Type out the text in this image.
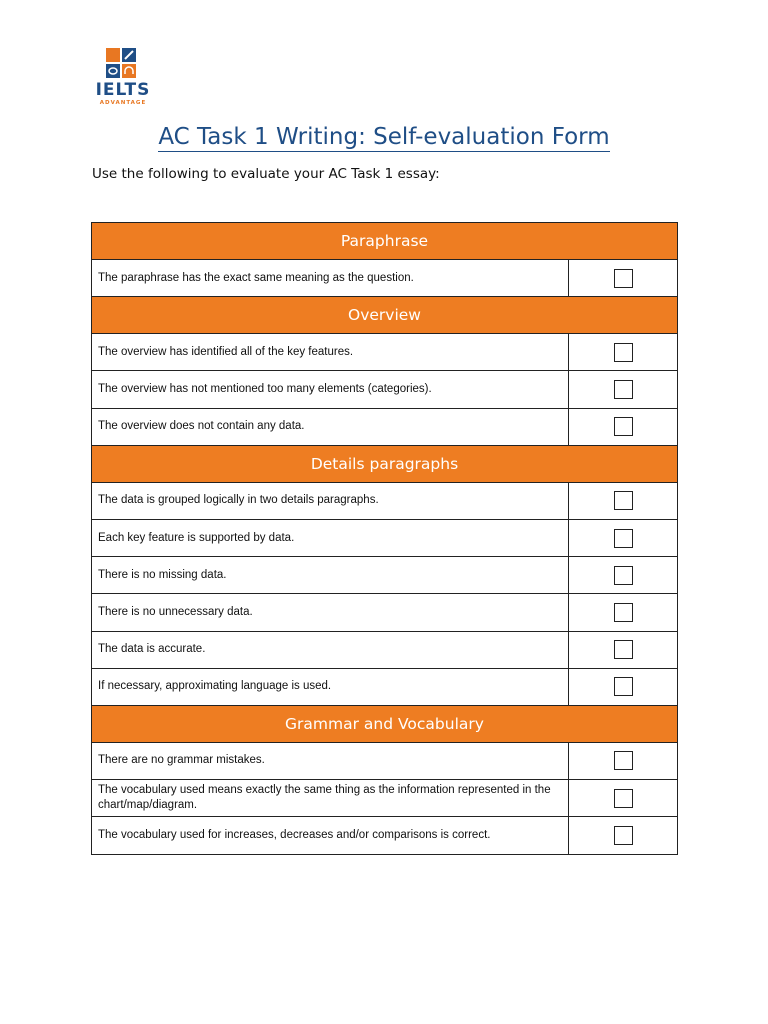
IELTS
ADVANTAGE
AC Task 1 Writing: Self-evaluation Form
Use the following to evaluate your AC Task 1 essay:
Paraphrase
The paraphrase has the exact same meaning as the question.
Overview
The overview has identified all of the key features.
The overview has not mentioned too many elements (categories).
The overview does not contain any data.
Details paragraphs
The data is grouped logically in two details paragraphs.
Each key feature is supported by data.
There is no missing data.
There is no unnecessary data.
The data is accurate.
If necessary, approximating language is used.
Grammar and Vocabulary
There are no grammar mistakes.
The vocabulary used means exactly the same thing as the information represented in the chart/map/diagram.
The vocabulary used for increases, decreases and/or comparisons is correct.
